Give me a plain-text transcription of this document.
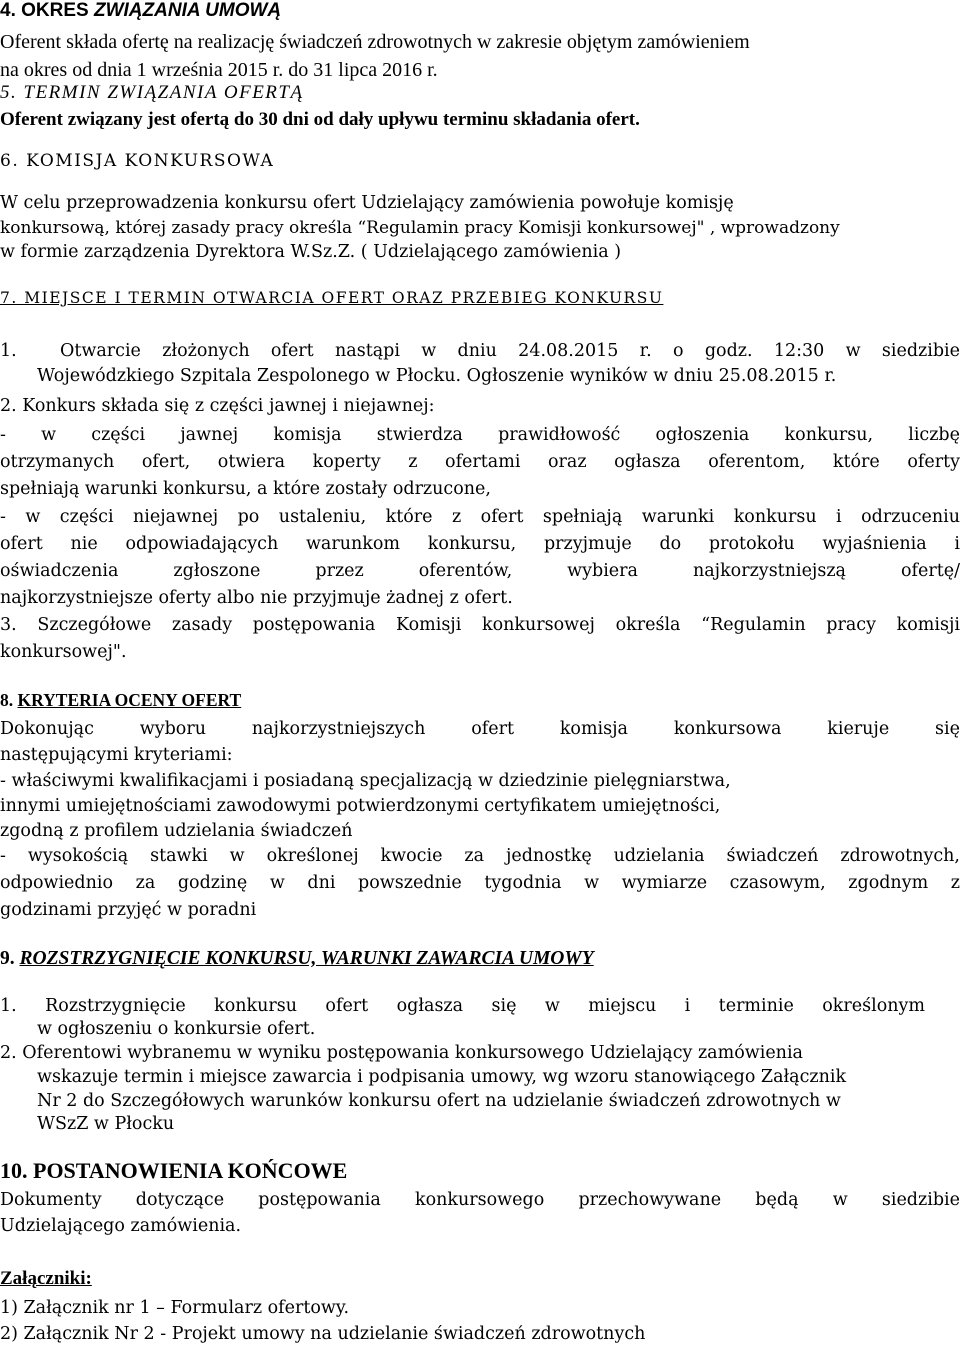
4. OKRES ZWIĄZANIA UMOWĄ
Oferent składa ofertę na realizację świadczeń zdrowotnych w zakresie objętym zamówieniem
na okres od dnia 1 września 2015 r. do 31 lipca 2016 r.
5. TERMIN ZWIĄZANIA OFERTĄ
Oferent związany jest ofertą do 30 dni od dały upływu terminu składania ofert.
6. KOMISJA KONKURSOWA
W celu przeprowadzenia konkursu ofert Udzielający zamówienia powołuje komisję
konkursową, której zasady pracy określa “Regulamin pracy Komisji konkursowej" , wprowadzony
w formie zarządzenia Dyrektora W.Sz.Z. ( Udzielającego zamówienia )
7. MIEJSCE I TERMIN OTWARCIA OFERT ORAZ PRZEBIEG KONKURSU
1. Otwarcie złożonych ofert nastąpi w dniu 24.08.2015 r. o godz. 12:30 w siedzibie
Wojewódzkiego Szpitala Zespolonego w Płocku. Ogłoszenie wyników w dniu 25.08.2015 r.
2. Konkurs składa się z części jawnej i niejawnej:
- w części jawnej komisja stwierdza prawidłowość ogłoszenia konkursu, liczbę
otrzymanych ofert, otwiera koperty z ofertami oraz ogłasza oferentom, które oferty
spełniają warunki konkursu, a które zostały odrzucone,
- w części niejawnej po ustaleniu, które z ofert spełniają warunki konkursu i odrzuceniu
ofert nie odpowiadających warunkom konkursu, przyjmuje do protokołu wyjaśnienia i
oświadczenia zgłoszone przez oferentów, wybiera najkorzystniejszą ofertę/
najkorzystniejsze oferty albo nie przyjmuje żadnej z ofert.
3. Szczegółowe zasady postępowania Komisji konkursowej określa “Regulamin pracy komisji
konkursowej".
8. KRYTERIA OCENY OFERT
Dokonując wyboru najkorzystniejszych ofert komisja konkursowa kieruje się
następującymi kryteriami:
- właściwymi kwalifikacjami i posiadaną specjalizacją w dziedzinie pielęgniarstwa,
innymi umiejętnościami zawodowymi potwierdzonymi certyfikatem umiejętności,
zgodną z profilem udzielania świadczeń
- wysokością stawki w określonej kwocie za jednostkę udzielania świadczeń zdrowotnych,
odpowiednio za godzinę w dni powszednie tygodnia w wymiarze czasowym, zgodnym z
godzinami przyjęć w poradni
9. ROZSTRZYGNIĘCIE KONKURSU, WARUNKI ZAWARCIA UMOWY
1. Rozstrzygnięcie konkursu ofert ogłasza się w miejscu i terminie określonym
w ogłoszeniu o konkursie ofert.
2. Oferentowi wybranemu w wyniku postępowania konkursowego Udzielający zamówienia
wskazuje termin i miejsce zawarcia i podpisania umowy, wg wzoru stanowiącego Załącznik
Nr 2 do Szczegółowych warunków konkursu ofert na udzielanie świadczeń zdrowotnych w
WSzZ w Płocku
10. POSTANOWIENIA KOŃCOWE
Dokumenty dotyczące postępowania konkursowego przechowywane będą w siedzibie
Udzielającego zamówienia.
Załączniki:
1) Załącznik nr 1 – Formularz ofertowy.
2) Załącznik Nr 2 - Projekt umowy na udzielanie świadczeń zdrowotnych
